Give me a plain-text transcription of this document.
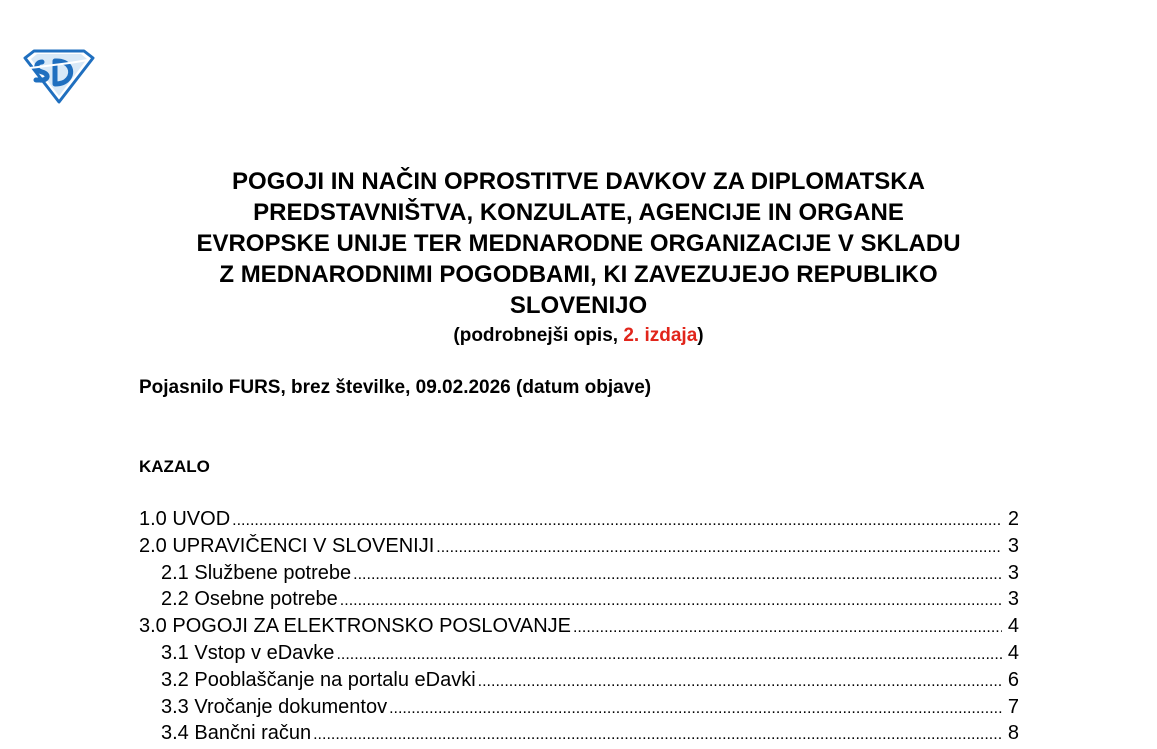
POGOJI IN NAČIN OPROSTITVE DAVKOV ZA DIPLOMATSKA
PREDSTAVNIŠTVA, KONZULATE, AGENCIJE IN ORGANE
EVROPSKE UNIJE TER MEDNARODNE ORGANIZACIJE V SKLADU
Z MEDNARODNIMI POGODBAMI, KI ZAVEZUJEJO REPUBLIKO
SLOVENIJO

(podrobnejši opis, 2. izdaja)

Pojasnilo FURS, brez številke, 09.02.2026 (datum objave)

KAZALO

1.0 UVOD .....	2
2.0 UPRAVIČENCI V SLOVENIJI .....	3
2.1 Službene potrebe .....	3
2.2 Osebne potrebe .....	3
3.0 POGOJI ZA ELEKTRONSKO POSLOVANJE .....	4
3.1 Vstop v eDavke .....	4
3.2 Pooblaščanje na portalu eDavki .....	6
3.3 Vročanje dokumentov .....	7
3.4 Bančni račun .....	8
